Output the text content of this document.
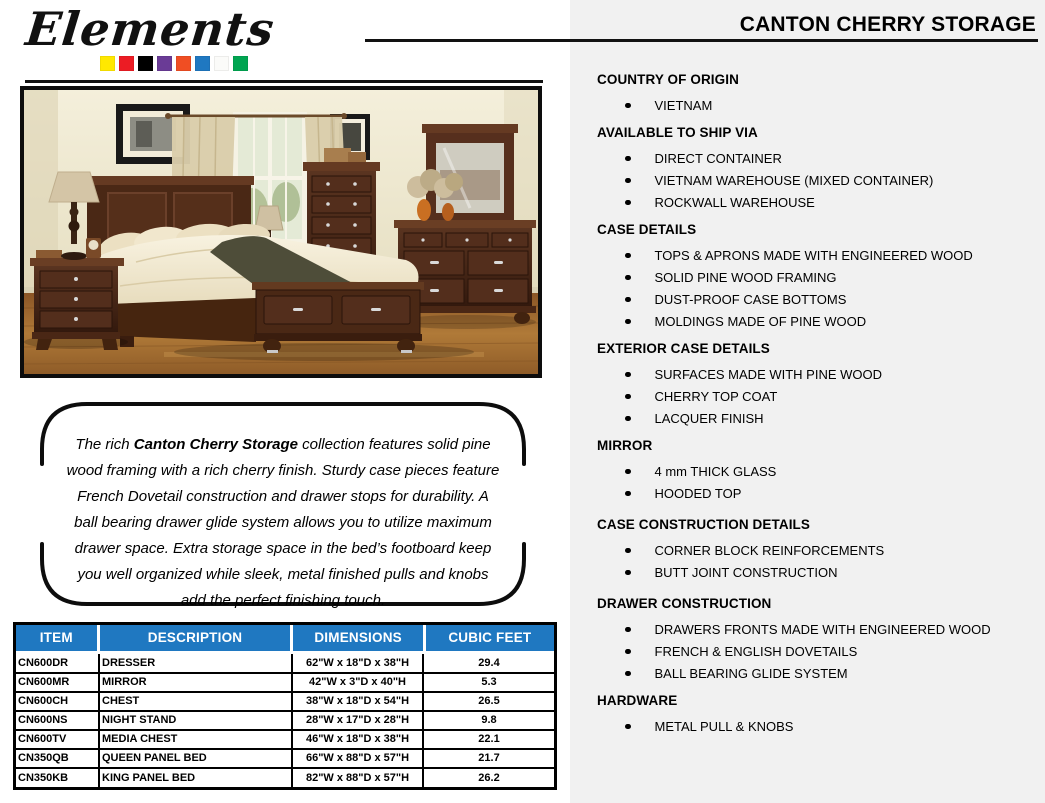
Elements	CANTON CHERRY STORAGE
The rich Canton Cherry Storage collection features solid pine wood framing with a rich cherry finish. Sturdy case pieces feature French Dovetail construction and drawer stops for durability. A ball bearing drawer glide system allows you to utilize maximum drawer space. Extra storage space in the bed’s footboard keep you well organized while sleek, metal finished pulls and knobs add the perfect finishing touch.
ITEM	DESCRIPTION	DIMENSIONS	CUBIC FEET
CN600DR	DRESSER	62"W x 18"D x 38"H	29.4
CN600MR	MIRROR	42"W x 3"D x 40"H	5.3
CN600CH	CHEST	38"W x 18"D x 54"H	26.5
CN600NS	NIGHT STAND	28"W x 17"D x 28"H	9.8
CN600TV	MEDIA CHEST	46"W x 18"D x 38"H	22.1
CN350QB	QUEEN PANEL BED	66"W x 88"D x 57"H	21.7
CN350KB	KING PANEL BED	82"W x 88"D x 57"H	26.2
COUNTRY OF ORIGIN
VIETNAM
AVAILABLE TO SHIP VIA
DIRECT CONTAINER
VIETNAM WAREHOUSE (MIXED CONTAINER)
ROCKWALL WAREHOUSE
CASE DETAILS
TOPS & APRONS MADE WITH ENGINEERED WOOD
SOLID PINE WOOD FRAMING
DUST-PROOF CASE BOTTOMS
MOLDINGS MADE OF PINE WOOD
EXTERIOR CASE DETAILS
SURFACES MADE WITH PINE WOOD
CHERRY TOP COAT
LACQUER FINISH
MIRROR
4 mm THICK GLASS
HOODED TOP
CASE CONSTRUCTION DETAILS
CORNER BLOCK REINFORCEMENTS
BUTT JOINT CONSTRUCTION
DRAWER CONSTRUCTION
DRAWERS FRONTS MADE WITH ENGINEERED WOOD
FRENCH & ENGLISH DOVETAILS
BALL BEARING GLIDE SYSTEM
HARDWARE
METAL PULL & KNOBS
